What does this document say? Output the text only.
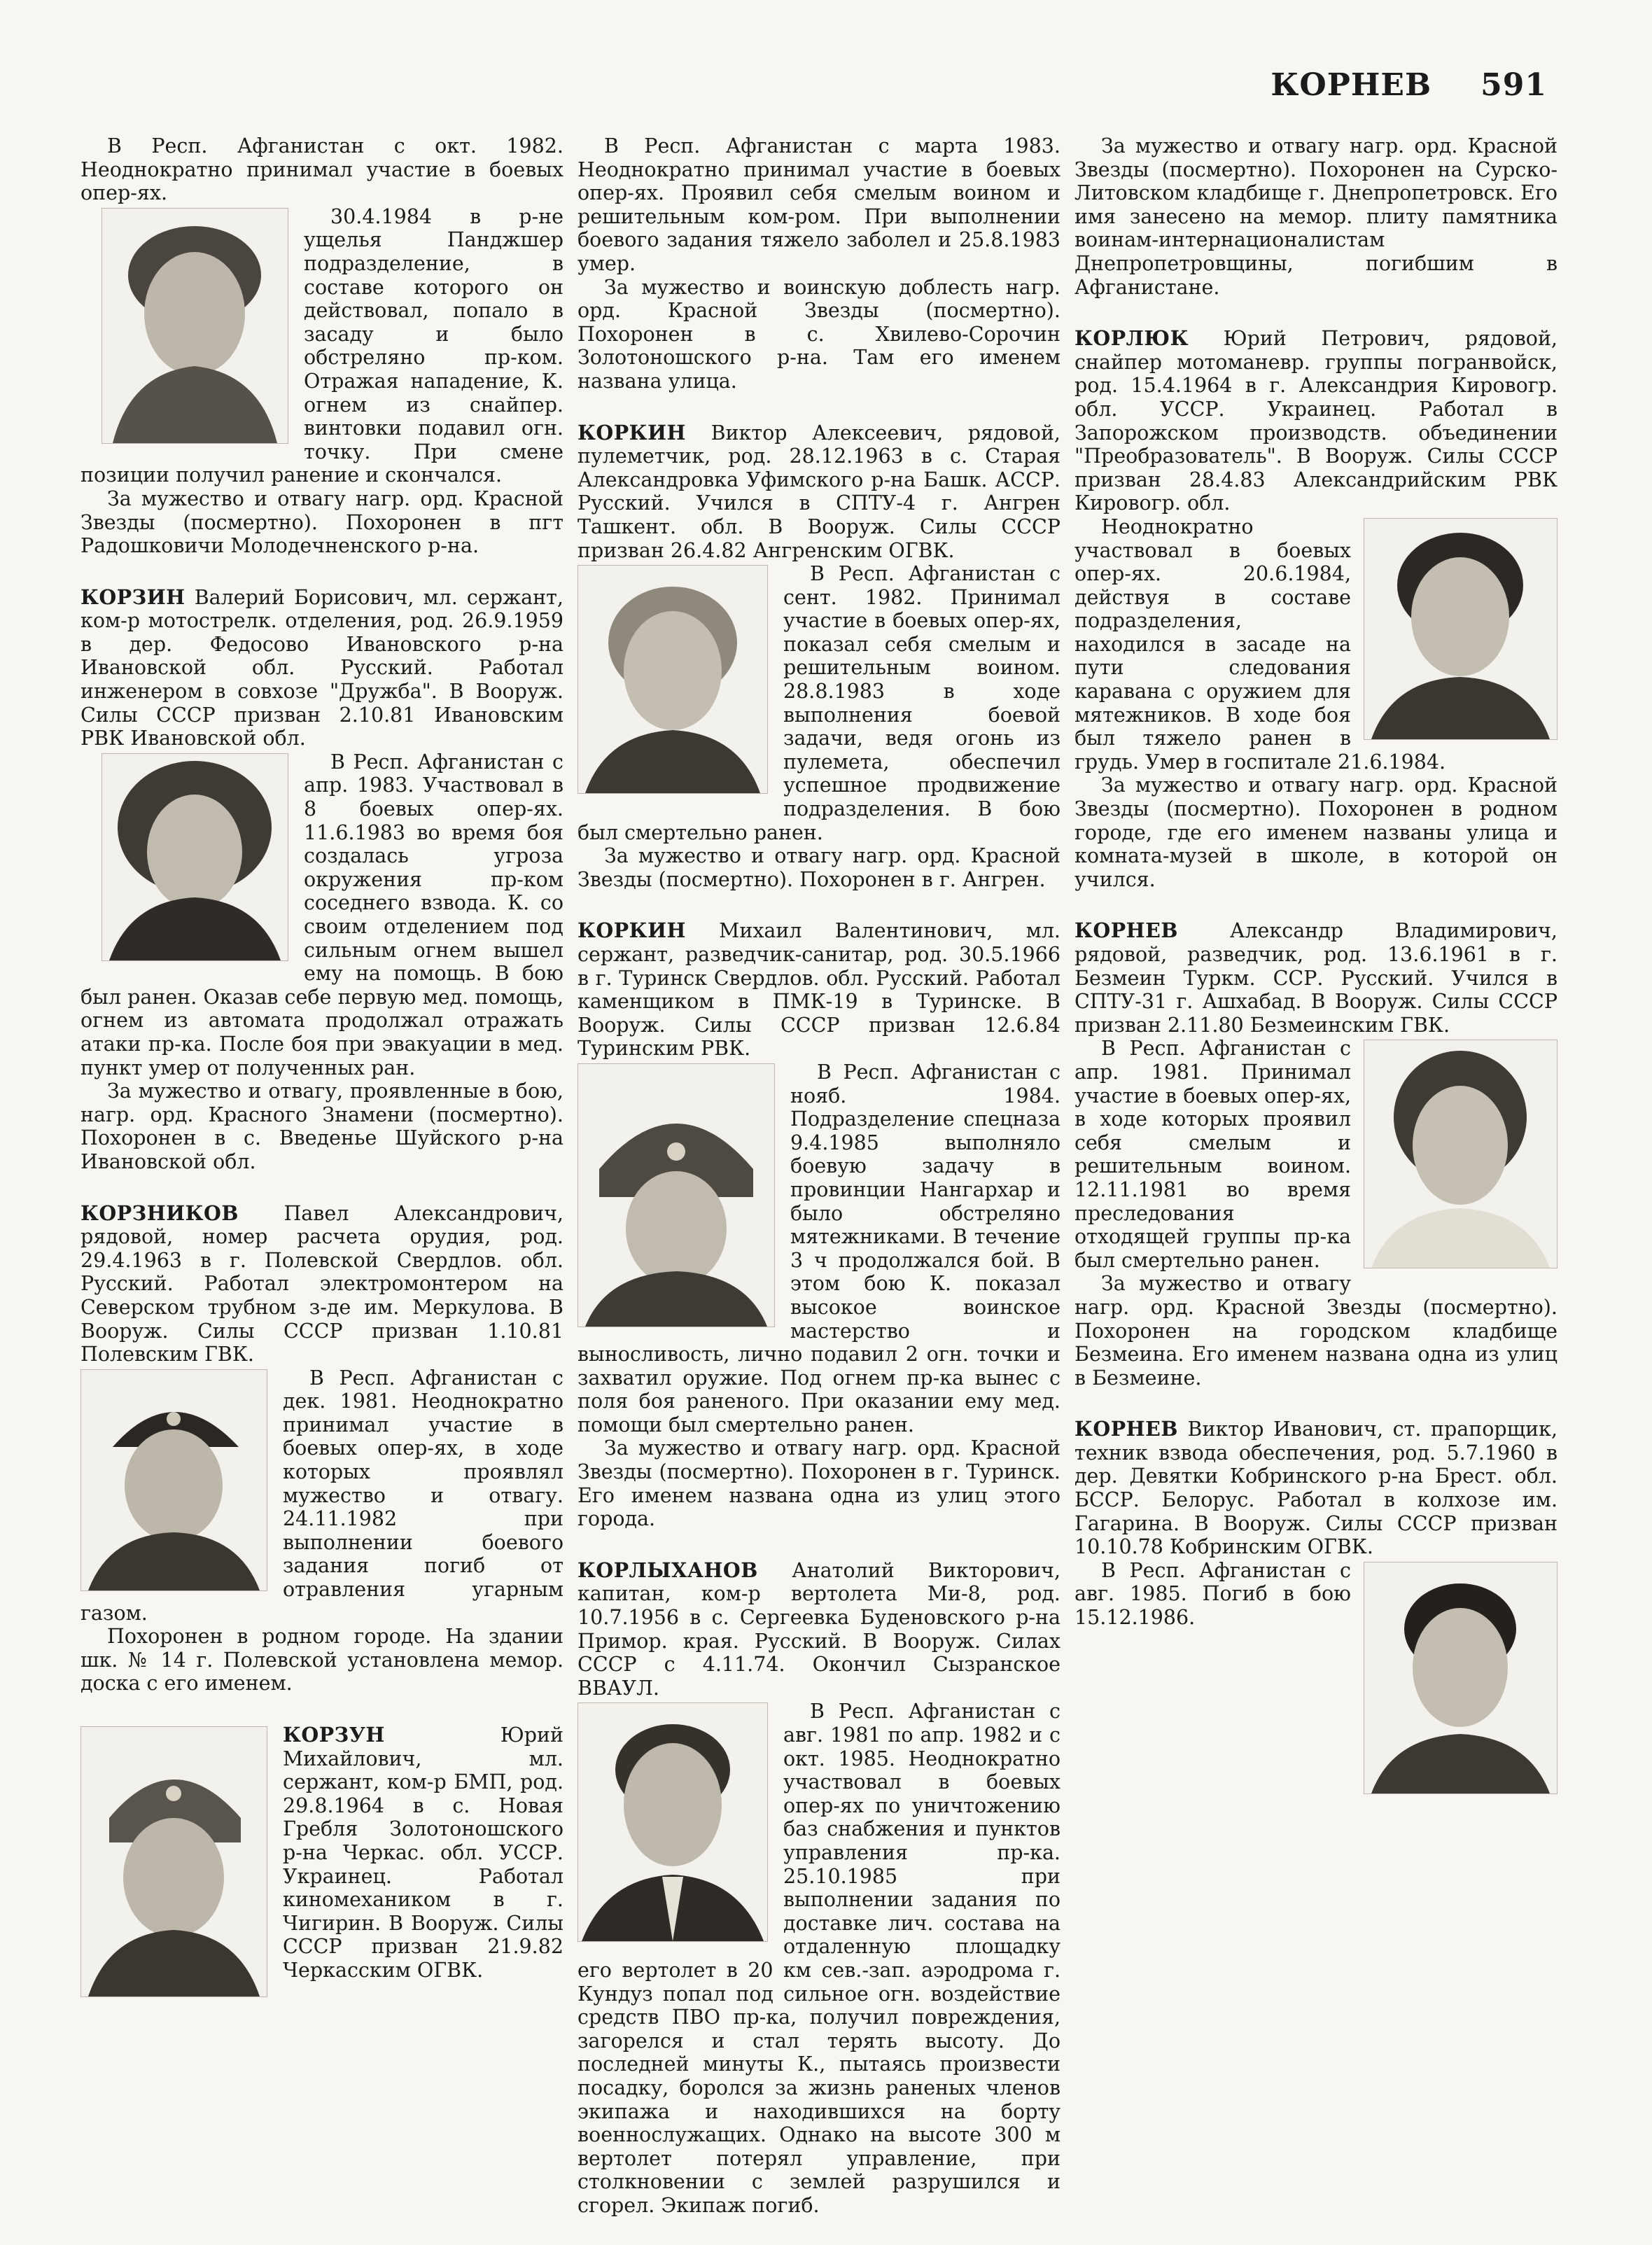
КОРНЕВ 591

В Респ. Афганистан с окт. 1982. Неоднократно принимал участие в боевых опер-ях.

30.4.1984 в р-не ущелья Панджшер подразделение, в составе которого он действовал, попало в засаду и было обстреляно пр-ком. Отражая нападение, К. огнем из снайпер. винтовки подавил огн. точку. При смене позиции получил ранение и скончался.

За мужество и отвагу нагр. орд. Красной Звезды (посмертно). Похоронен в пгт Радошковичи Молодечненского р-на.

КОРЗИН Валерий Борисович, мл. сержант, ком-р мотострелк. отделения, род. 26.9.1959 в дер. Федосово Ивановского р-на Ивановской обл. Русский. Работал инженером в совхозе "Дружба". В Вооруж. Силы СССР призван 2.10.81 Ивановским РВК Ивановской обл.

В Респ. Афганистан с апр. 1983. Участвовал в 8 боевых опер-ях. 11.6.1983 во время боя создалась угроза окружения пр-ком соседнего взвода. К. со своим отделением под сильным огнем вышел ему на помощь. В бою был ранен. Оказав себе первую мед. помощь, огнем из автомата продолжал отражать атаки пр-ка. После боя при эвакуации в мед. пункт умер от полученных ран.

За мужество и отвагу, проявленные в бою, нагр. орд. Красного Знамени (посмертно). Похоронен в с. Введенье Шуйского р-на Ивановской обл.

КОРЗНИКОВ Павел Александрович, рядовой, номер расчета орудия, род. 29.4.1963 в г. Полевской Свердлов. обл. Русский. Работал электромонтером на Северском трубном з-де им. Меркулова. В Вооруж. Силы СССР призван 1.10.81 Полевским ГВК.

В Респ. Афганистан с дек. 1981. Неоднократно принимал участие в боевых опер-ях, в ходе которых проявлял мужество и отвагу. 24.11.1982 при выполнении боевого задания погиб от отравления угарным газом.

Похоронен в родном городе. На здании шк. № 14 г. Полевской установлена мемор. доска с его именем.

КОРЗУН	Юрий Михайлович, мл. сержант, ком-р БМП, род. 29.8.1964 в с. Новая Гребля Золотоношского р-на Черкас. обл. УССР. Украинец. Работал киномехаником в г. Чигирин. В Вооруж. Силы СССР призван 21.9.82 Черкасским ОГВК.

В Респ. Афганистан с марта 1983. Неоднократно принимал участие в боевых опер-ях. Проявил себя смелым воином и решительным ком-ром. При выполнении боевого задания тяжело заболел и 25.8.1983 умер.

За мужество и воинскую доблесть нагр. орд. Красной Звезды (посмертно). Похоронен в с. Хвилево-Сорочин Золотоношского р-на. Там его именем названа улица.

КОРКИН Виктор Алексеевич, рядовой, пулеметчик, род. 28.12.1963 в с. Старая Александровка Уфимского р-на Башк. АССР. Русский. Учился в СПТУ-4 г. Ангрен Ташкент. обл. В Вооруж. Силы СССР призван 26.4.82 Ангренским ОГВК.

В Респ. Афганистан с сент. 1982. Принимал участие в боевых опер-ях, показал себя смелым и решительным воином. 28.8.1983 в ходе выполнения боевой задачи, ведя огонь из пулемета, обеспечил успешное продвижение подразделения. В бою был смертельно ранен.

За мужество и отвагу нагр. орд. Красной Звезды (посмертно). Похоронен в г. Ангрен.

КОРКИН Михаил Валентинович, мл. сержант, разведчик-санитар, род. 30.5.1966 в г. Туринск Свердлов. обл. Русский. Работал каменщиком в ПМК-19 в Туринске. В Вооруж. Силы СССР призван 12.6.84 Туринским РВК.

В Респ. Афганистан с нояб. 1984. Подразделение спецназа 9.4.1985 выполняло боевую задачу в провинции Нангархар и было обстреляно мятежниками. В течение 3 ч продолжался бой. В этом бою К. показал высокое воинское мастерство и выносливость, лично подавил 2 огн. точки и захватил оружие. Под огнем пр-ка вынес с поля боя раненого. При оказании ему мед. помощи был смертельно ранен.

За мужество и отвагу нагр. орд. Красной Звезды (посмертно). Похоронен в г. Туринск. Его именем названа одна из улиц этого города.

КОРЛЫХАНОВ Анатолий Викторович, капитан, ком-р вертолета Ми-8, род. 10.7.1956 в с. Сергеевка Буденовского р-на Примор. края. Русский. В Вооруж. Силах СССР с 4.11.74. Окончил Сызранское ВВАУЛ.

В Респ. Афганистан с авг. 1981 по апр. 1982 и с окт. 1985. Неоднократно участвовал в боевых опер-ях по уничтожению баз снабжения и пунктов управления пр-ка. 25.10.1985 при выполнении задания по доставке лич. состава на отдаленную площадку его вертолет в 20 км сев.-зап. аэродрома г. Кундуз попал под сильное огн. воздействие средств ПВО пр-ка, получил повреждения, загорелся и стал терять высоту. До последней минуты К., пытаясь произвести посадку, боролся за жизнь раненых членов экипажа и находившихся на борту военнослужащих. Однако на высоте 300 м вертолет потерял управление, при столкновении с землей разрушился и сгорел. Экипаж погиб.

За мужество и отвагу нагр. орд. Красной Звезды (посмертно). Похоронен на Сурско-Литовском кладбище г. Днепропетровск. Его имя занесено на мемор. плиту памятника воинам-интернационалистам Днепропетровщины, погибшим в Афганистане.

КОРЛЮК Юрий Петрович, рядовой, снайпер мотоманевр. группы погранвойск, род. 15.4.1964 в г. Александрия Кировогр. обл. УССР. Украинец. Работал в Запорожском производств. объединении "Преобразователь". В Вооруж. Силы СССР призван 28.4.83 Александрийским РВК Кировогр. обл.

Неоднократно участвовал в боевых опер-ях. 20.6.1984, действуя в составе подразделения, находился в засаде на пути следования каравана с оружием для мятежников. В ходе боя был тяжело ранен в грудь. Умер в госпитале 21.6.1984.

За мужество и отвагу нагр. орд. Красной Звезды (посмертно). Похоронен в родном городе, где его именем названы улица и комната-музей в школе, в которой он учился.

КОРНЕВ	Александр Владимирович, рядовой, разведчик, род. 13.6.1961 в г. Безмеин Туркм. ССР. Русский. Учился в СПТУ-31 г. Ашхабад. В Вооруж. Силы СССР призван 2.11.80 Безмеинским ГВК.

В Респ. Афганистан с апр. 1981. Принимал участие в боевых опер-ях, в ходе которых проявил себя смелым и решительным воином. 12.11.1981 во время преследования отходящей группы пр-ка был смертельно ранен.

За мужество и отвагу нагр. орд. Красной Звезды (посмертно). Похоронен на городском кладбище Безмеина. Его именем названа одна из улиц в Безмеине.

КОРНЕВ Виктор Иванович, ст. прапорщик, техник взвода обеспечения, род. 5.7.1960 в дер. Девятки Кобринского р-на Брест. обл. БССР. Белорус. Работал в колхозе им. Гагарина. В Вооруж. Силы СССР призван 10.10.78 Кобринским ОГВК.

В Респ. Афганистан с авг. 1985. Погиб в бою 15.12.1986.
